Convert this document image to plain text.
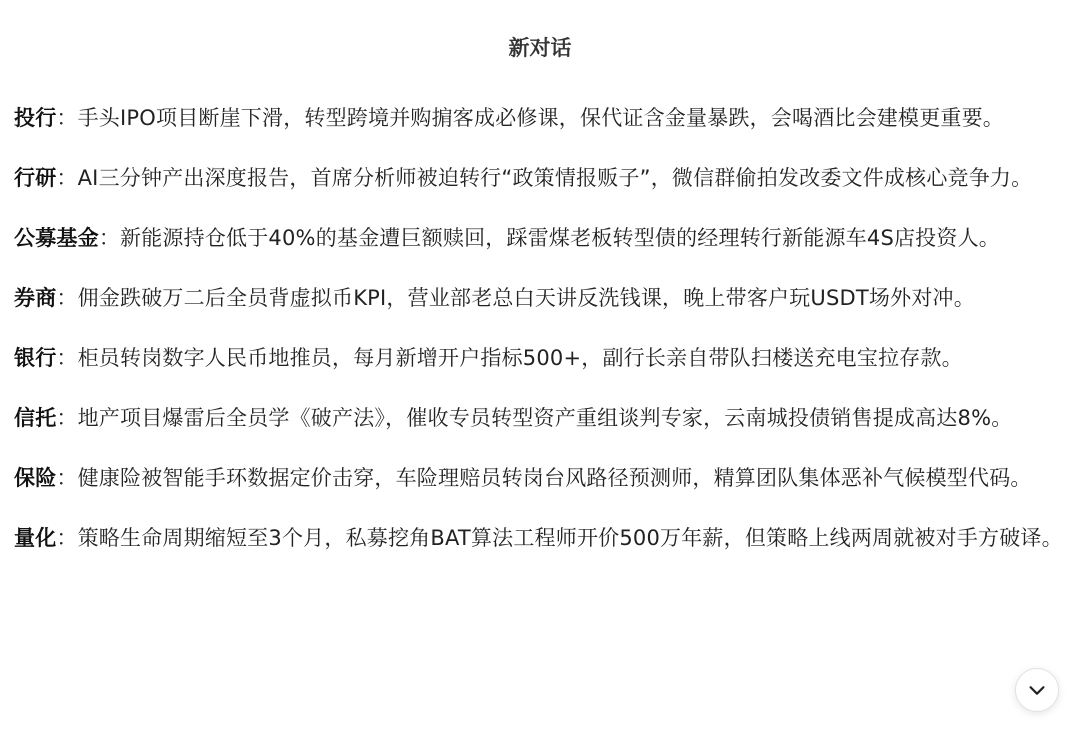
新对话

投行：手头IPO项目断崖下滑，转型跨境并购掮客成必修课，保代证含金量暴跌，会喝酒比会建模更重要。

行研：AI三分钟产出深度报告，首席分析师被迫转行“政策情报贩子”，微信群偷拍发改委文件成核心竞争力。

公募基金：新能源持仓低于40%的基金遭巨额赎回，踩雷煤老板转型债的经理转行新能源车4S店投资人。

券商：佣金跌破万二后全员背虚拟币KPI，营业部老总白天讲反洗钱课，晚上带客户玩USDT场外对冲。

银行：柜员转岗数字人民币地推员，每月新增开户指标500+，副行长亲自带队扫楼送充电宝拉存款。

信托：地产项目爆雷后全员学《破产法》，催收专员转型资产重组谈判专家，云南城投债销售提成高达8%。

保险：健康险被智能手环数据定价击穿，车险理赔员转岗台风路径预测师，精算团队集体恶补气候模型代码。

量化：策略生命周期缩短至3个月，私募挖角BAT算法工程师开价500万年薪，但策略上线两周就被对手方破译。
